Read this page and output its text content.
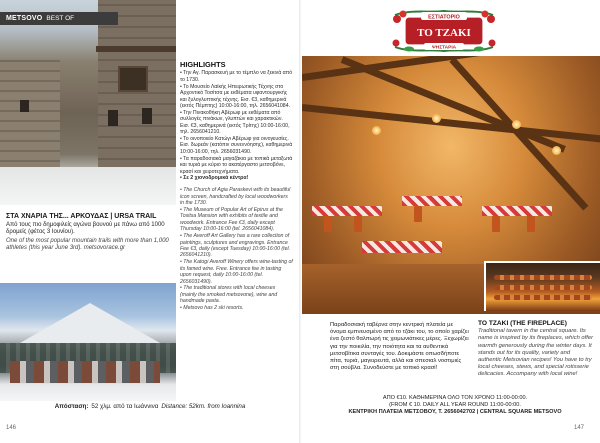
METSOVO BEST OF
ΣΤΑ ΧΝΑΡΙΑ ΤΗΣ... ΑΡΚΟΥΔΑΣ | URSA TRAIL
Από τους πιο δημοφιλείς αγώνα βουνού με πάνω από 1000 δρομείς (φέτος 3 Ιουνίου).
One of the most popular mountain trails with more than 1,000 athletes (this year June 3rd). metsovorace.gr
HIGHLIGHTS

• Την Αγ. Παρασκευή με το τέμπλο να ξεκινά από το 1730.

• Το Μουσείο Λαϊκής Ηπειρωτικής Τέχνης στο Αρχοντικό Τοσίτσα με εκθέματα υφαντουργικής και ξυλογλυπτικής τέχνης. Εισ. €3, καθημερινά (εκτός Πέμπτης) 10:00-16:00, τηλ. 2656041084.

• Την Πινακοθήκη Αβέρωφ με εκθέματα από συλλογές πινάκων, γλυπτών και χαρακτικών. Εισ. €3, καθημερινά (εκτός Τρίτης) 10:00-16:00, τηλ. 2656041210.

• Το οινοποιείο Κατώγι Αβέρωφ για οινογευσίες. Εισ. δωρεάν (κατόπιν συνεννόησης), καθημερινά 10:00-16:00, τηλ. 2656031490.

• Τα παραδοσιακά μαγαζάκια με τοπικά μεταξωτά και τυριά με κύριο το ακατέργαστο μετσοβόνε, κρασί και χειροτεχνήματα.

• Σε 2 χιονοδρομικά κέντρα!

• The Church of Agia Paraskevi with its beautiful icon screen, handcrafted by local woodworkers in the 1730.

• The Museum of Popular Art of Epirus at the Tositsa Mansion with exhibits of textile and woodwork. Entrance Fee €3, daily except Thursday 10:00-16:00 (tel. 2656041084).

• The Averoff Art Gallery has a rare collection of paintings, sculptures and engravings. Entrance Fee €3, daily (except Tuesday) 10:00-16:00 (tel. 2656041210).

• The Katogi Averoff Winery offers wine-tasting of its famed wine. Free. Entrance fee in tasting upon request, daily 10:00-16:00 (tel. 2656031490).

• The traditional stores with local cheeses (mainly the smoked metsovone), wine and handmade pasta.

• Metsovo has 2 ski resorts.

Απόσταση: 52 χλμ. από τα Ιωάννινα Distance: 52km. from Ioannina
146
ΕΣΤΙΑΤΟΡΙΟ
ΤΟ ΤΖΑΚΙ
ΨΗΣΤΑΡΙΑ
Παραδοσιακή ταβέρνα στην κεντρική πλατεία με όνομα εμπνευσμένο από το τζάκι του, το οποίο χαρίζει ένα ζεστό θαλπωρή τις χειμωνιάτικες μέρες. Ξεχωρίζει για την ποικιλία, την ποιότητα και τα αυθεντικά μετσοβίτικα συνταγές του. Δοκιμάστε οπωσδήποτε πίτα, τυριά, μαγειρευτά, αλλά και σπεσιαλ νοστιμιές στη σούβλα. Συνοδεύστε με τοπικό κρασί!
TO TZAKI (THE FIREPLACE)
Traditional tavern in the central square. Its name is inspired by its fireplaces, which offer warmth generously during the winter days. It stands out for its quality, variety and authentic Metsovian recipes! You have to try local cheeses, stews, and special rotisserie delicacies. Accompany with local wine!
ΑΠΟ €10. ΚΑΘΗΜΕΡΙΝΑ ΟΛΟ ΤΟΝ ΧΡΟΝΟ 11:00-00:00.
(FROM € 10. DAILY ALL YEAR ROUND 11:00-00:00.
ΚΕΝΤΡΙΚΗ ΠΛΑΤΕΙΑ ΜΕΤΣΟΒΟΥ, Τ. 2656042702 | CENTRAL SQUARE METSOVO
147
